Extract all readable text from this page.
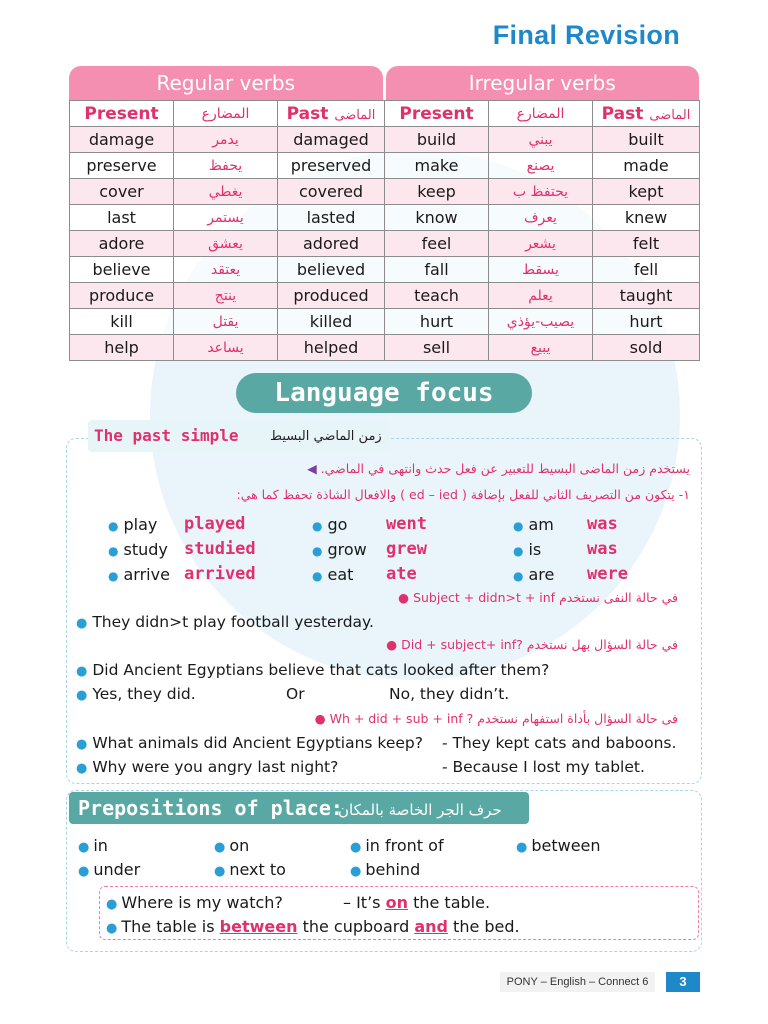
Final Revision
Regular verbs	Irregular verbs
Present	المضارع	Past الماضى	Present	المضارع	Past الماضى
damage	يدمر	damaged	build	يبني	built
preserve	يحفظ	preserved	make	يصنع	made
cover	يغطي	covered	keep	يحتفظ ب	kept
last	يستمر	lasted	know	يعرف	knew
adore	يعشق	adored	feel	يشعر	felt
believe	يعتقد	believed	fall	يسقط	fell
produce	ينتج	produced	teach	يعلم	taught
kill	يقتل	killed	hurt	يصيب-يؤذي	hurt
help	يساعد	helped	sell	يبيع	sold
Language focus
The past simple زمن الماضي البسيط
يستخدم زمن الماضى البسيط للتعبير عن فعل حدث وانتهى في الماضي. ◀
١- يتكون من التصريف الثاني للفعل بإضافة ( ed – ied ) والافعال الشاذة تحفظ كما هي:
● play played	● go went	● am was
● study studied	● grow grew	● is	was
● arrive arrived	● eat ate	● are were
في حالة النفى نستخدم Subject + didn>t + inf ●
● They didn>t play football yesterday.
في حالة السؤال بهل نستخدم ?Did + subject+ inf ●
● Did Ancient Egyptians believe that cats looked after them?
● Yes, they did.	Or	No, they didn’t.
فى حالة السؤال بأداة استفهام نستخدم ? Wh + did + sub + inf ●
● What animals did Ancient Egyptians keep? - They kept cats and baboons.
● Why were you angry last night?	- Because I lost my tablet.
Prepositions of place:
حرف الجر الخاصة بالمكان
● in	● on	● in front of	● between
● under	● next to	● behind
● Where is my watch?	– It’s on the table.
● The table is between the cupboard and the bed.
PONY – English – Connect 6	3
